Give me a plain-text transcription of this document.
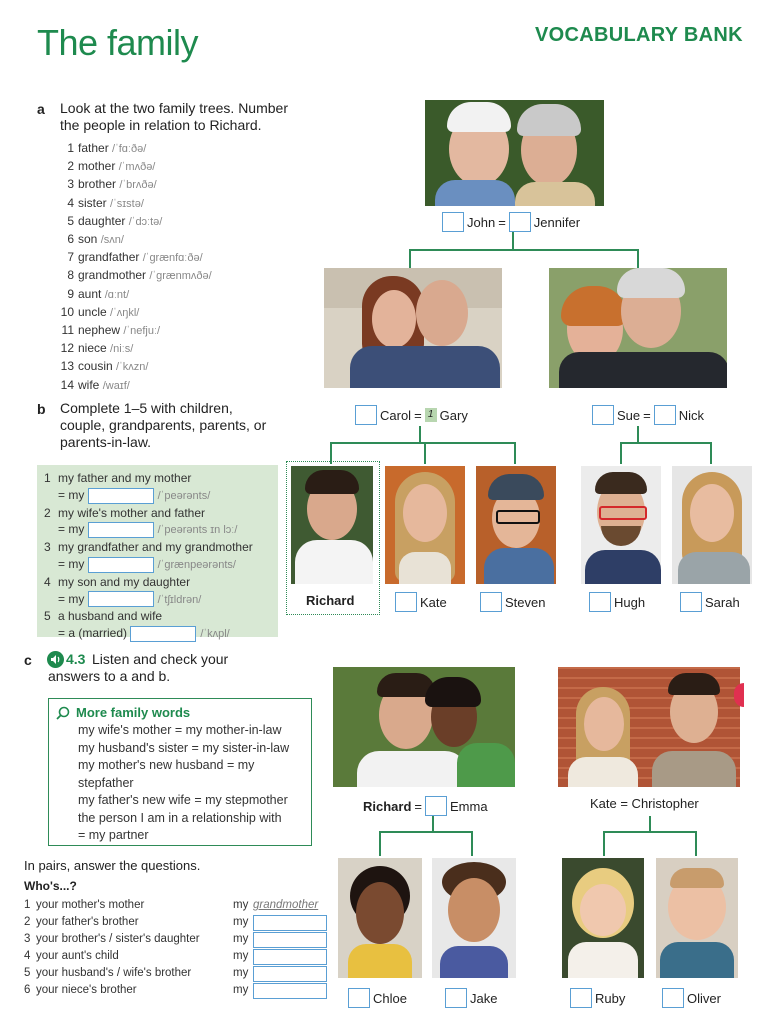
The family	VOCABULARY BANK
a Look at the two family trees. Number the people in relation to Richard.
1 father /ˈfɑːðə/
2 mother /ˈmʌðə/
3 brother /ˈbrʌðə/
4 sister /ˈsɪstə/
5 daughter /ˈdɔːtə/
6 son /sʌn/
7 grandfather /ˈɡrænfɑːðə/
8 grandmother /ˈɡrænmʌðə/
9 aunt /ɑːnt/
10 uncle /ˈʌŋkl/
11 nephew /ˈnefjuː/
12 niece /niːs/
13 cousin /ˈkʌzn/
14 wife /waɪf/
b Complete 1–5 with children, couple, grandparents, parents, or parents-in-law.
1 my father and my mother
= my	/ˈpeərənts/
2 my wife's mother and father
= my	/ˈpeərənts ɪn lɔː/
3 my grandfather and my grandmother
= my	/ˈɡrænpeərənts/
4 my son and my daughter
= my	/ˈtʃɪldrən/
5 a husband and wife
= a (married)	/ˈkʌpl/
c 4.3 Listen and check your answers to a and b.
More family words
my wife's mother = my mother-in-law
my husband's sister = my sister-in-law
my mother's new husband = my
stepfather
my father's new wife = my stepmother
the person I am in a relationship with
= my partner
In pairs, answer the questions.
Who's...?
1 your mother's mother	my grandmother
2 your father's brother	my
3 your brother's / sister's daughter	my
4 your aunt's child	my
5 your husband's / wife's brother	my
6 your niece's brother	my
John = Jennifer
Carol = 1 Gary	Sue = Nick
Richard	Kate	Steven	Hugh	Sarah
Richard = Emma	Kate = Christopher
Chloe	Jake	Ruby	Oliver
